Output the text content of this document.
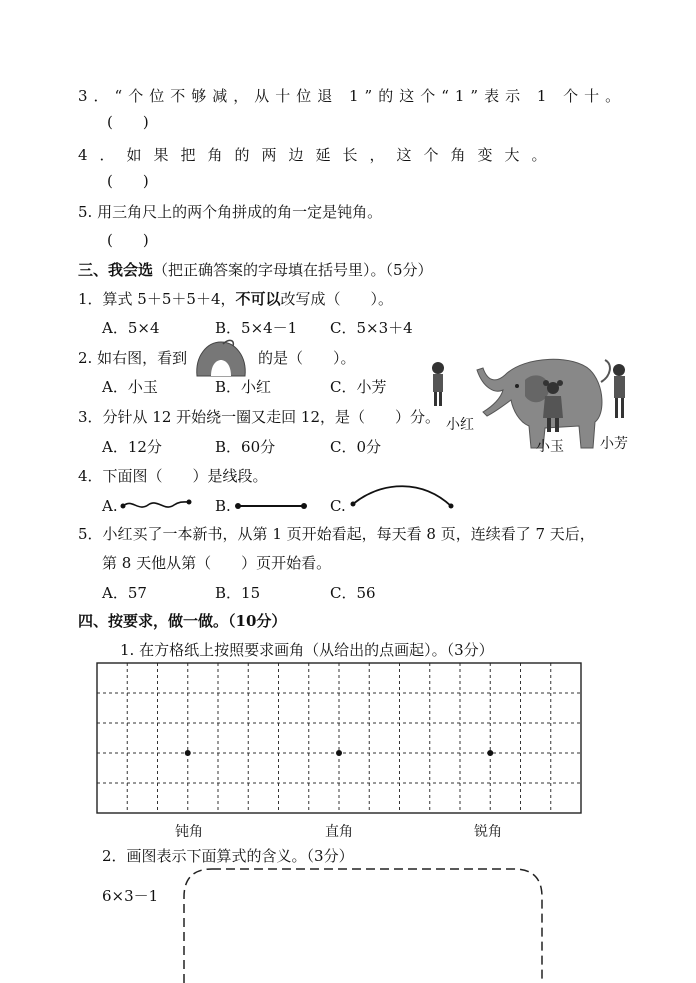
3．“个位不够减，从十位退 1”的这个“1”表示 1 个十。
(　　)
4．如果把角的两边延长，这个角变大。
(　　)
5. 用三角尺上的两个角拼成的角一定是钝角。
(　　)
三、我会选（把正确答案的字母填在括号里）。（5分）
1．算式 5＋5＋5＋4，不可以改写成（　　）。
A．5×4	B．5×4－1 C．5×3＋4
2. 如右图，看到	的是（　　）。
A．小玉	B．小红	C．小芳
3．分针从 12 开始绕一圈又走回 12，是（　　）分。
A．12分	B．60分	C．0分
小红
小玉	小芳
4．下面图（　　）是线段。
A.	B.	C.
5．小红买了一本新书，从第 1 页开始看起，每天看 8 页，连续看了 7 天后，
第 8 天他从第（　　）页开始看。
A．57	B．15	C．56
四、按要求，做一做。（10分）
1. 在方格纸上按照要求画角（从给出的点画起）。（3分）
钝角	直角	锐角
2．画图表示下面算式的含义。（3分）
6×3－1
